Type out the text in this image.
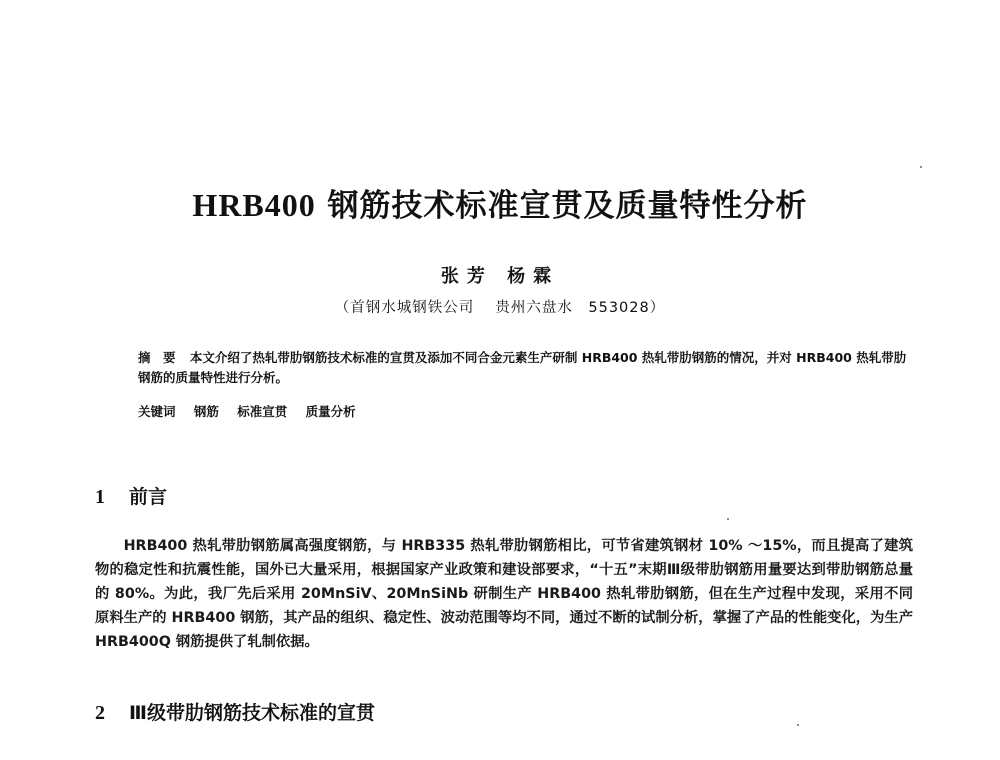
HRB400 钢筋技术标准宣贯及质量特性分析
张芳 杨霖
（首钢水城钢铁公司　 贵州六盘水　553028）
摘　要 本文介绍了热轧带肋钢筋技术标准的宣贯及添加不同合金元素生产研制 HRB400 热轧带肋钢筋的情况，并对 HRB400 热轧带肋钢筋的质量特性进行分析。
关键词 钢筋 标准宣贯 质量分析
1 前言
HRB400 热轧带肋钢筋属高强度钢筋，与 HRB335 热轧带肋钢筋相比，可节省建筑钢材 10% ～15%，而且提高了建筑物的稳定性和抗震性能，国外已大量采用，根据国家产业政策和建设部要求，“十五”末期Ⅲ级带肋钢筋用量要达到带肋钢筋总量的 80%。为此，我厂先后采用 20MnSiV、20MnSiNb 研制生产 HRB400 热轧带肋钢筋，但在生产过程中发现，采用不同原料生产的 HRB400 钢筋，其产品的组织、稳定性、波动范围等均不同，通过不断的试制分析，掌握了产品的性能变化，为生产 HRB400Q 钢筋提供了轧制依据。
2 Ⅲ级带肋钢筋技术标准的宣贯
